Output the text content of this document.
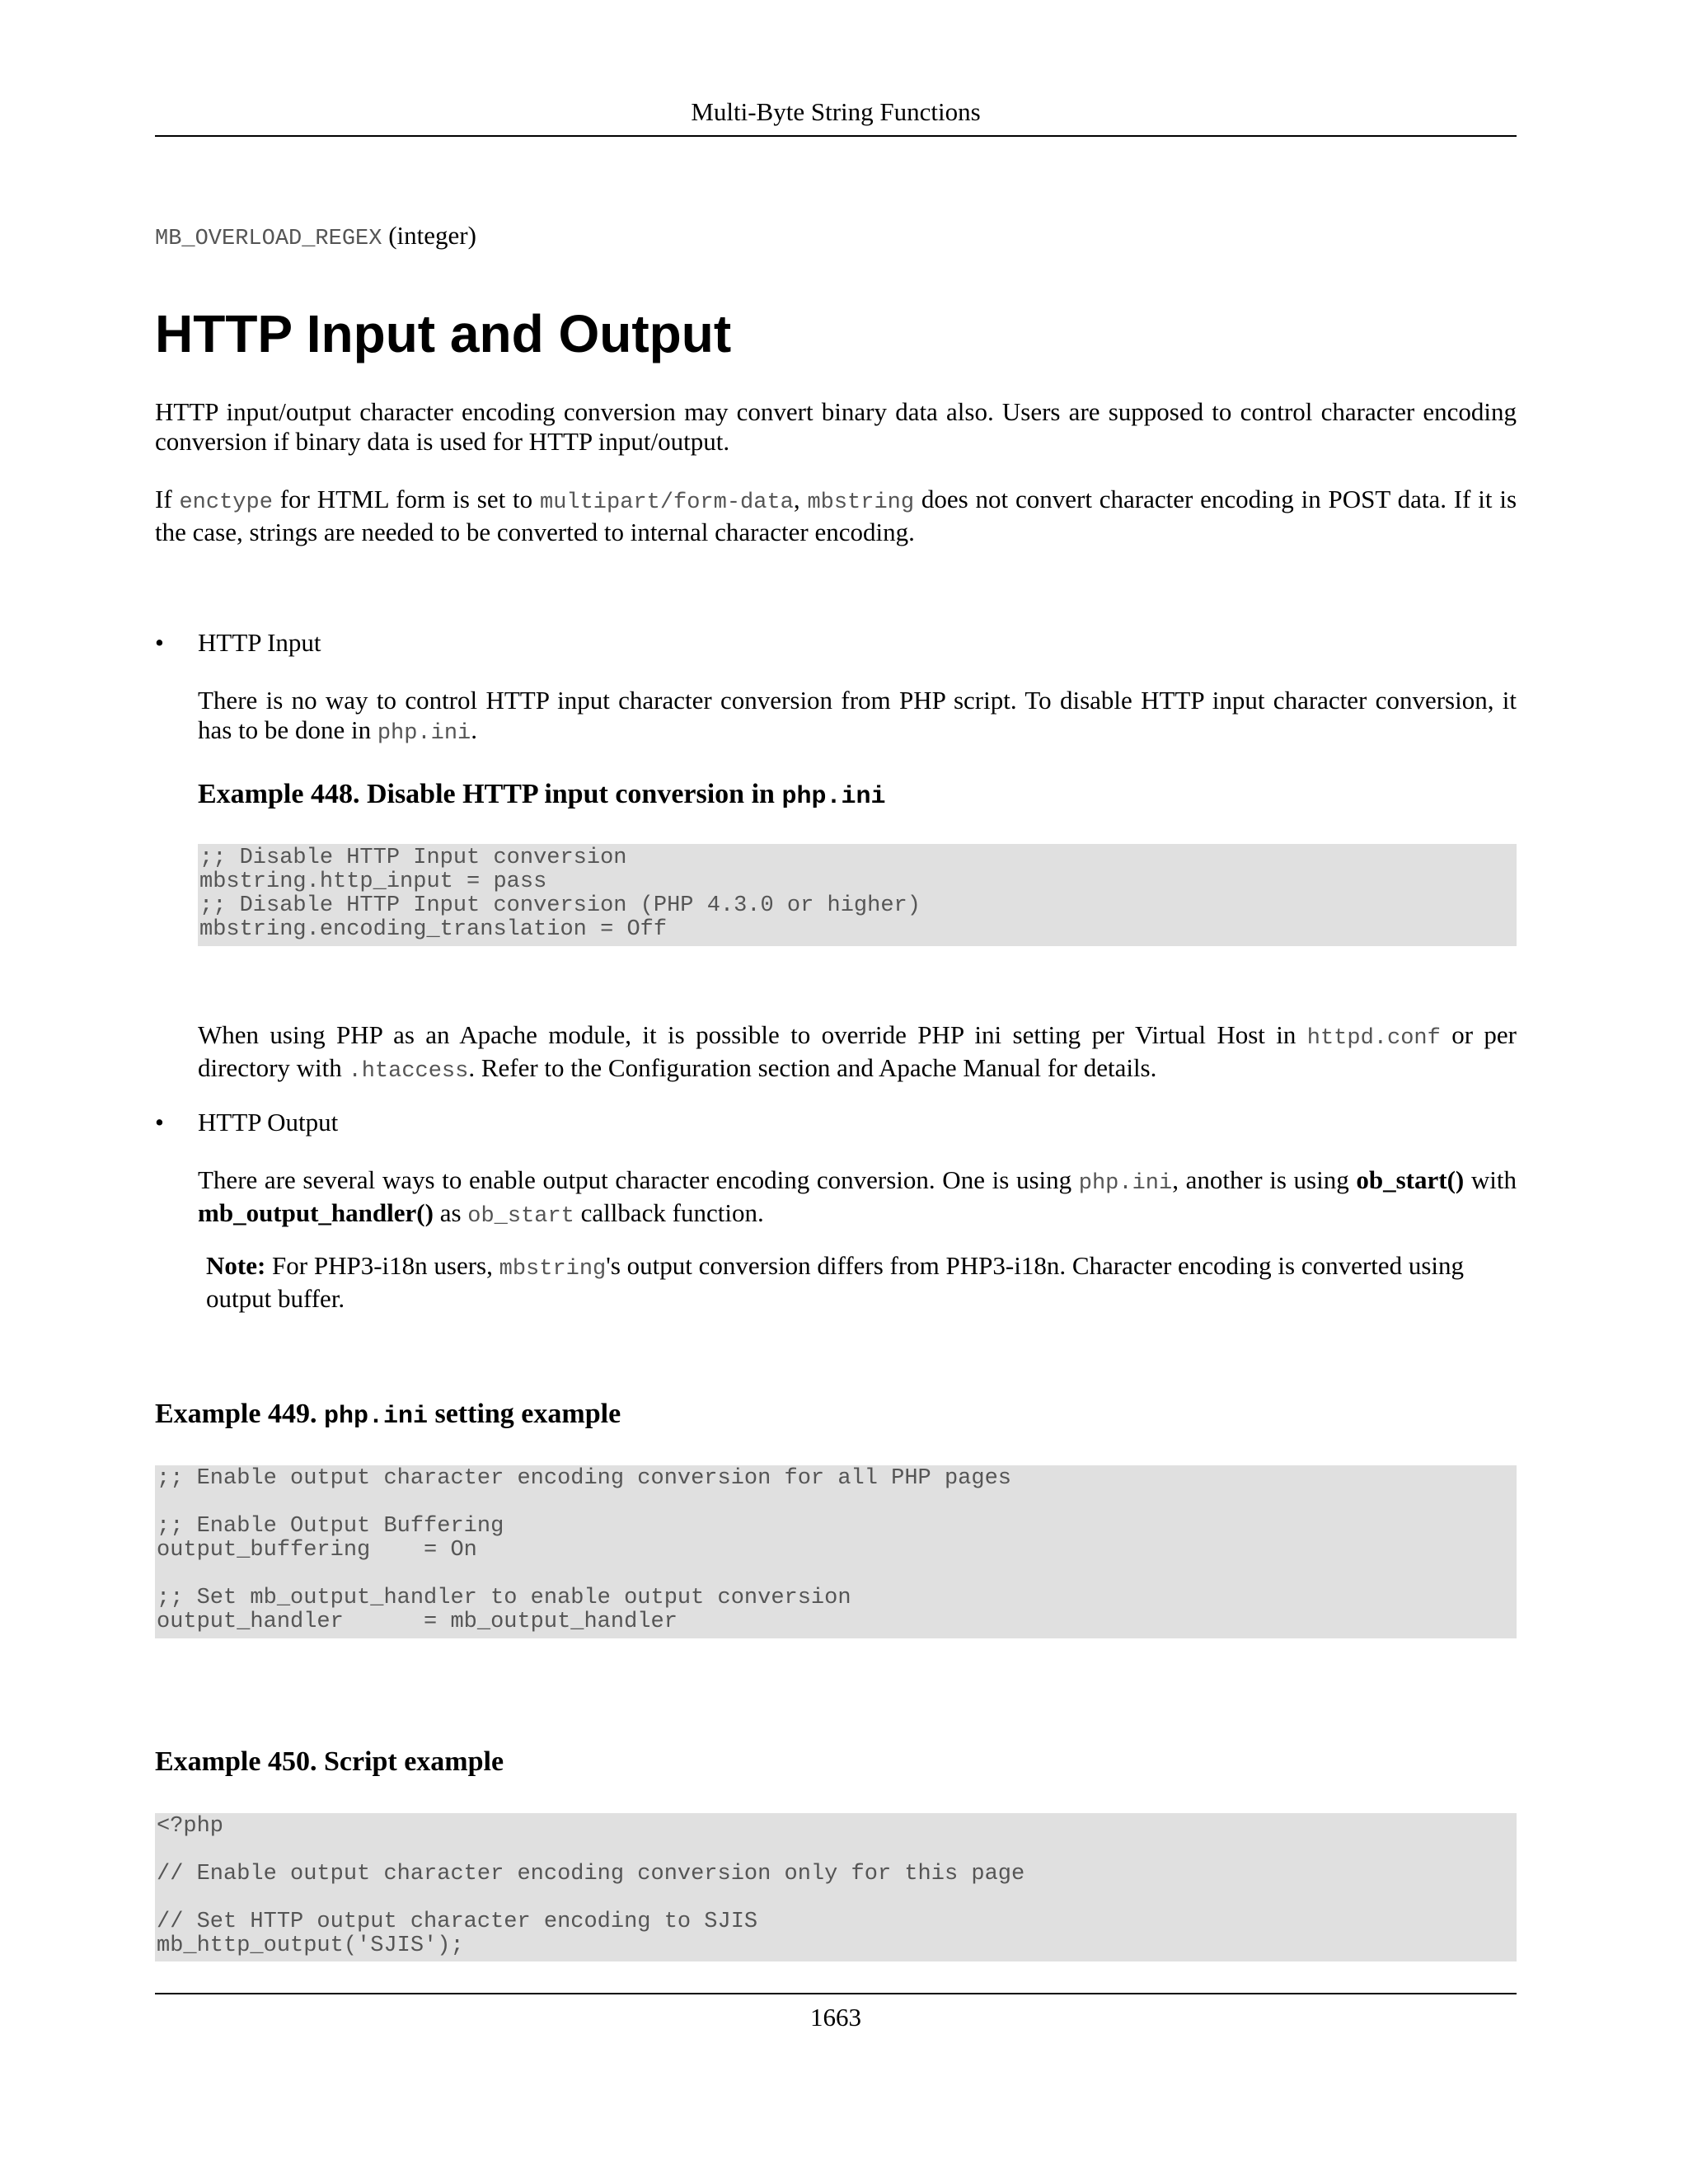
Multi-Byte String Functions
MB_OVERLOAD_REGEX (integer)
HTTP Input and Output
HTTP input/output character encoding conversion may convert binary data also. Users are supposed to control character encoding conversion if binary data is used for HTTP input/output.
If enctype for HTML form is set to multipart/form-data, mbstring does not convert character encoding in POST data. If it is the case, strings are needed to be converted to internal character encoding.
• HTTP Input
There is no way to control HTTP input character conversion from PHP script. To disable HTTP input character conversion, it has to be done in php.ini.
Example 448. Disable HTTP input conversion in php.ini
;; Disable HTTP Input conversion
mbstring.http_input = pass
;; Disable HTTP Input conversion (PHP 4.3.0 or higher)
mbstring.encoding_translation = Off
When using PHP as an Apache module, it is possible to override PHP ini setting per Virtual Host in httpd.conf or per directory with .htaccess. Refer to the Configuration section and Apache Manual for details.
• HTTP Output
There are several ways to enable output character encoding conversion. One is using php.ini, another is using ob_start() with mb_output_handler() as ob_start callback function.
Note: For PHP3-i18n users, mbstring's output conversion differs from PHP3-i18n. Character encoding is converted using output buffer.
Example 449. php.ini setting example
;; Enable output character encoding conversion for all PHP pages

;; Enable Output Buffering
output_buffering    = On

;; Set mb_output_handler to enable output conversion
output_handler      = mb_output_handler
Example 450. Script example
<?php

// Enable output character encoding conversion only for this page

// Set HTTP output character encoding to SJIS
mb_http_output('SJIS');
1663
